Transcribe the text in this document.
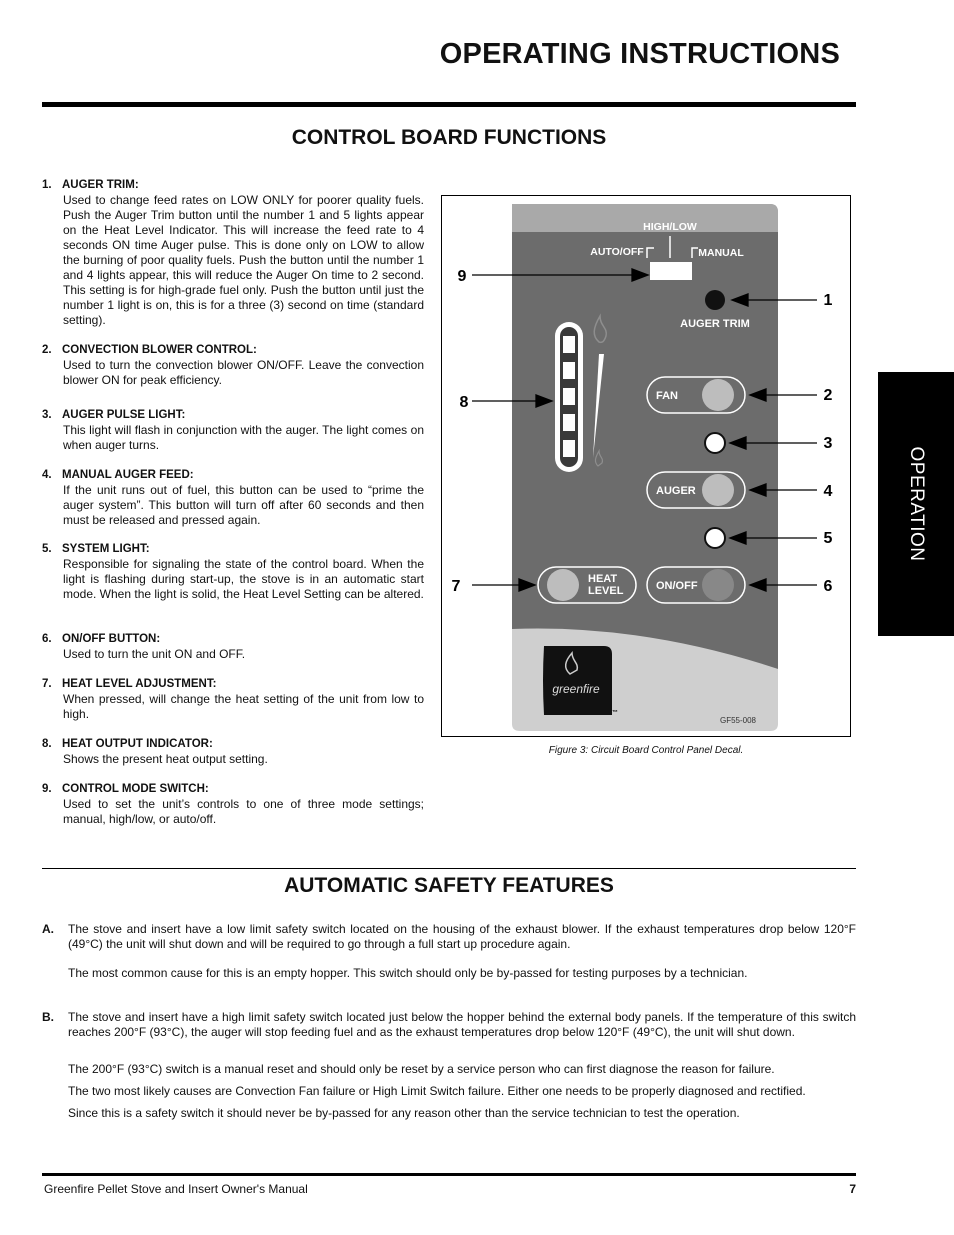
OPERATING INSTRUCTIONS
CONTROL BOARD FUNCTIONS
1. AUGER TRIM:
Used to change feed rates on LOW ONLY for poorer quality fuels. Push the Auger Trim button until the number 1 and 5 lights appear on the Heat Level Indicator. This will increase the feed rate to 4 seconds ON time Auger pulse. This is done only on LOW to allow the burning of poor quality fuels. Push the button until the number 1 and 4 lights appear, this will reduce the Auger On time to 2 second. This setting is for high-grade fuel only. Push the button until just the number 1 light is on, this is for a three (3) second on time (standard setting).
2. CONVECTION BLOWER CONTROL:
Used to turn the convection blower ON/OFF. Leave the convection blower ON for peak efficiency.
3. AUGER PULSE LIGHT:
This light will flash in conjunction with the auger. The light comes on when auger turns.
4. MANUAL AUGER FEED:
If the unit runs out of fuel, this button can be used to “prime the auger system”. This button will turn off after 60 seconds and then must be released and pressed again.
5. SYSTEM LIGHT:
Responsible for signaling the state of the control board. When the light is flashing during start-up, the stove is in an automatic start mode. When the light is solid, the Heat Level Setting can be altered.
6. ON/OFF BUTTON:
Used to turn the unit ON and OFF.
7. HEAT LEVEL ADJUSTMENT:
When pressed, will change the heat setting of the unit from low to high.
8. HEAT OUTPUT INDICATOR:
Shows the present heat output setting.
9. CONTROL MODE SWITCH:
Used to set the unit’s controls to one of three mode settings; manual, high/low, or auto/off.
HIGH/LOW
AUTO/OFF	MANUAL
AUGER TRIM
FAN
AUGER
HEAT
LEVEL	ON/OFF
greenfire
™
GF55-008
9
1
2
3
4
5
6
7
8
Figure 3: Circuit Board Control Panel Decal.
OPERATION
AUTOMATIC SAFETY FEATURES
A. The stove and insert have a low limit safety switch located on the housing of the exhaust blower. If the exhaust temperatures drop below 120°F (49°C) the unit will shut down and will be required to go through a full start up procedure again.
The most common cause for this is an empty hopper. This switch should only be by-passed for testing purposes by a technician.
B. The stove and insert have a high limit safety switch located just below the hopper behind the external body panels. If the temperature of this switch reaches 200°F (93°C), the auger will stop feeding fuel and as the exhaust temperatures drop below 120°F (49°C), the unit will shut down.
The 200°F (93°C) switch is a manual reset and should only be reset by a service person who can first diagnose the reason for failure.
The two most likely causes are Convection Fan failure or High Limit Switch failure. Either one needs to be properly diagnosed and rectified.
Since this is a safety switch it should never be by-passed for any reason other than the service technician to test the operation.
Greenfire Pellet Stove and Insert Owner's Manual	7
